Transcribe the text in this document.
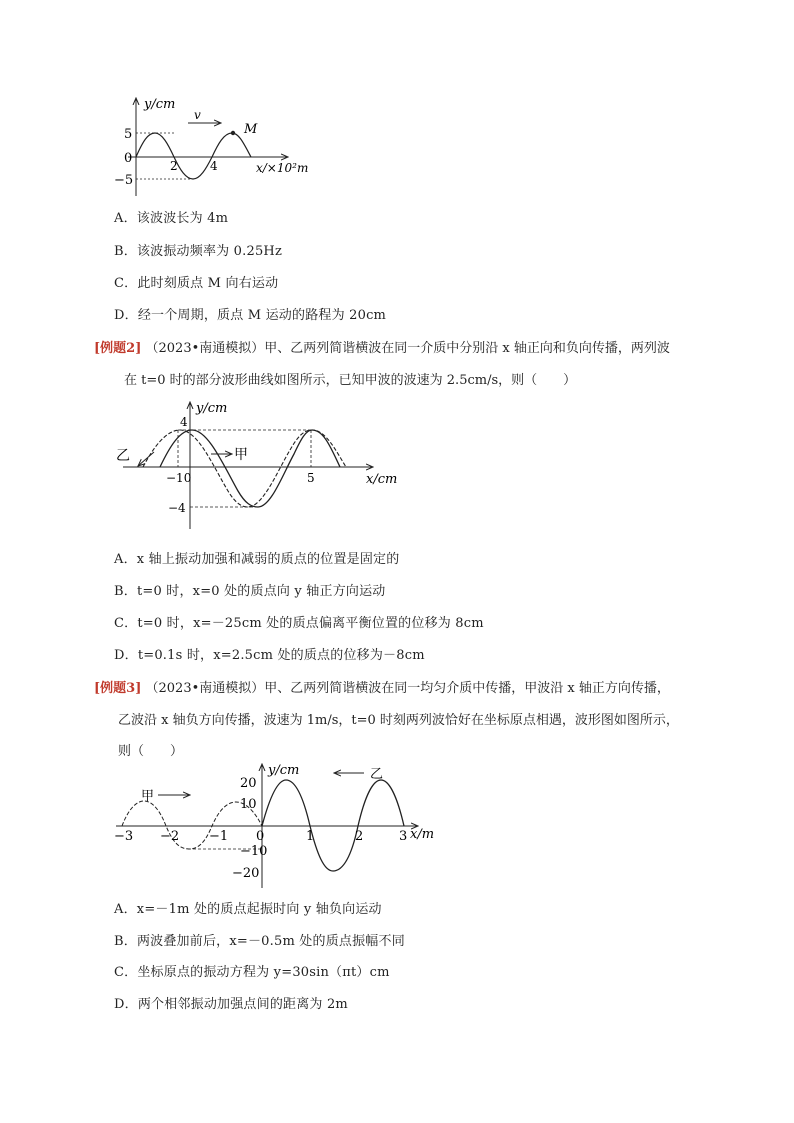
y/cm
v
M
5
0
−5
2	4	x/×10²m
A．该波波长为 4m
B．该波振动频率为 0.25Hz
C．此时刻质点 M 向右运动
D．经一个周期，质点 M 运动的路程为 20cm
[例题2] （2023•南通模拟）甲、乙两列简谐横波在同一介质中分别沿 x 轴正向和负向传播，两列波
在 t=0 时的部分波形曲线如图所示，已知甲波的波速为 2.5cm/s，则（　　）
乙	甲
y/cm
4
−10	5
−4
x/cm
A．x 轴上振动加强和减弱的质点的位置是固定的
B．t=0 时，x=0 处的质点向 y 轴正方向运动
C．t=0 时，x=－25cm 处的质点偏离平衡位置的位移为 8cm
D．t=0.1s 时，x=2.5cm 处的质点的位移为－8cm
[例题3] （2023•南通模拟）甲、乙两列简谐横波在同一均匀介质中传播，甲波沿 x 轴正方向传播，
乙波沿 x 轴负方向传播，波速为 1m/s，t=0 时刻两列波恰好在坐标原点相遇，波形图如图所示，
则（　　）
甲
乙
y/cm
20
10
−10
−20
−3 −2 −1 0	1	2	3 x/m
A．x=－1m 处的质点起振时向 y 轴负向运动
B．两波叠加前后，x=－0.5m 处的质点振幅不同
C．坐标原点的振动方程为 y=30sin（πt）cm
D．两个相邻振动加强点间的距离为 2m
